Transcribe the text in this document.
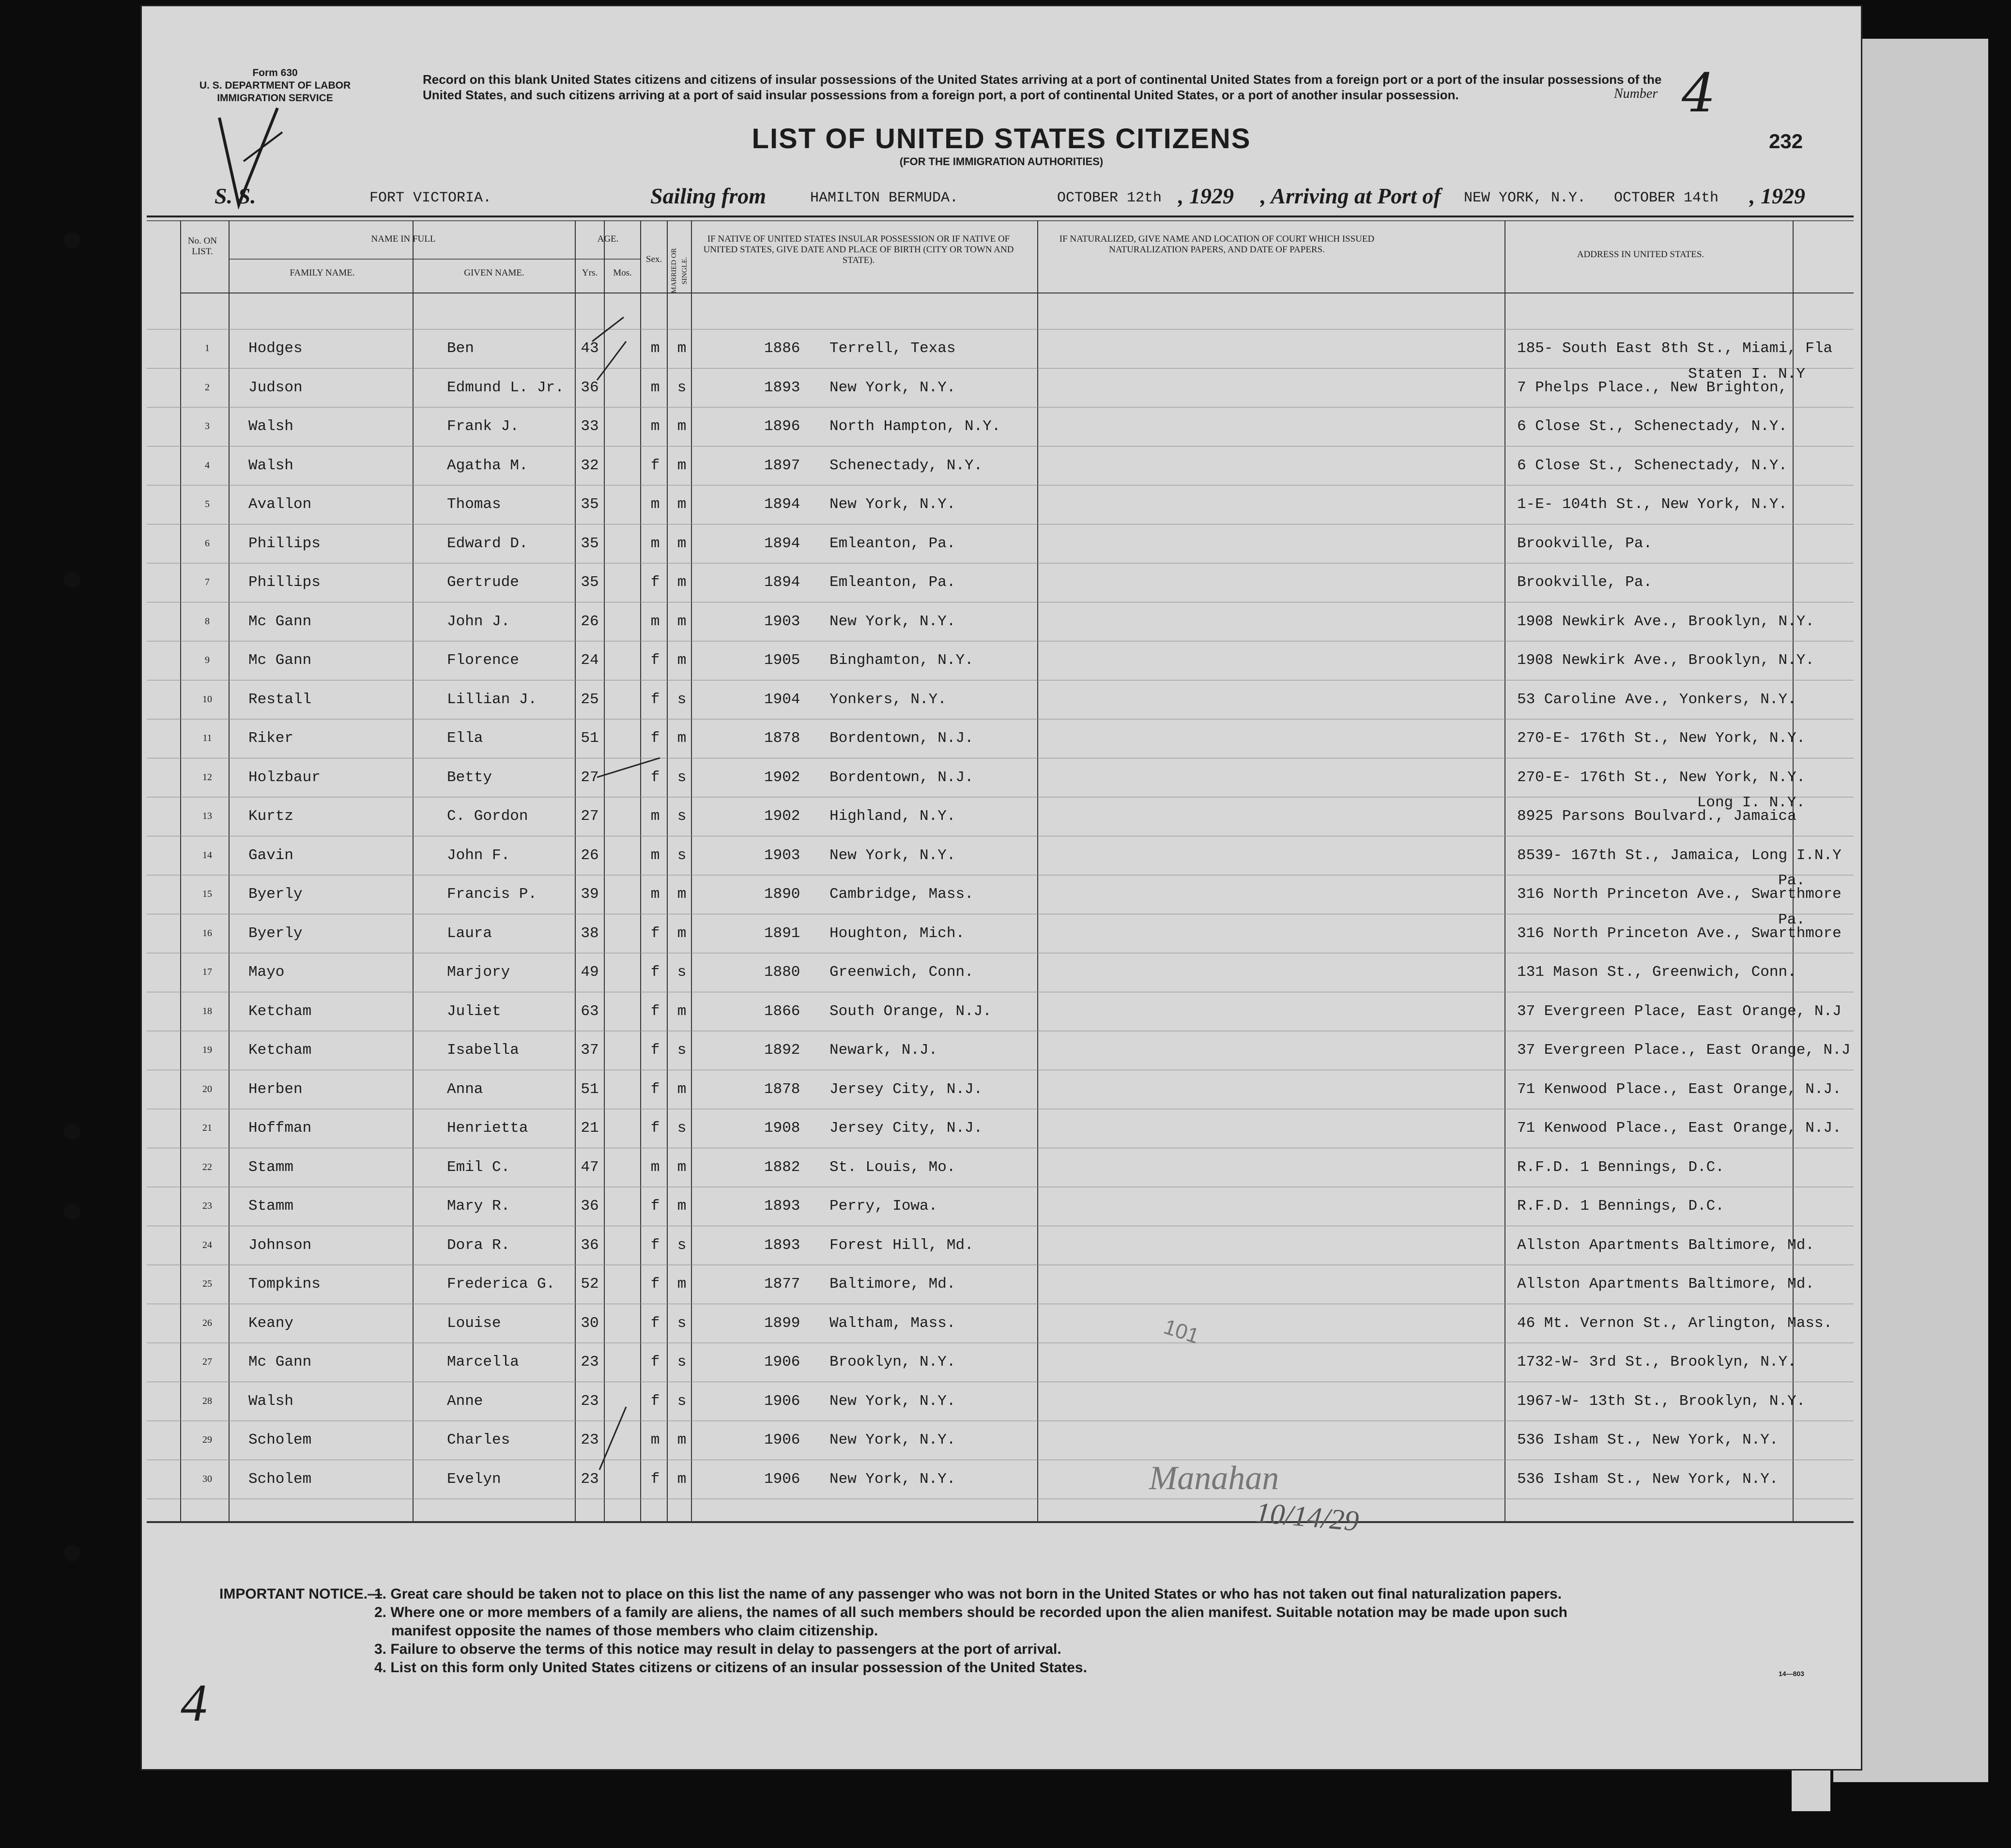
Form 630
U. S. DEPARTMENT OF LABOR
IMMIGRATION SERVICE
Record on this blank United States citizens and citizens of insular possessions of the United States arriving at a port of continental United States from a foreign port or a port of the insular possessions of the United States, and such citizens arriving at a port of said insular possessions from a foreign port, a port of continental United States, or a port of another insular possession.	Number 4
LIST OF UNITED STATES CITIZENS
(FOR THE IMMIGRATION AUTHORITIES)
232
S. S.	FORT VICTORIA.	Sailing from	HAMILTON BERMUDA.	OCTOBER 12th , 1929 , Arriving at Port of NEW YORK, N.Y. OCTOBER 14th , 1929
No. ON LIST.
NAME IN FULL
FAMILY NAME.	GIVEN NAME.
AGE.
Yrs.	Mos.
Sex.	MARRIED OR SINGLE.
IF NATIVE OF UNITED STATES INSULAR POSSESSION OR IF NATIVE OF UNITED STATES, GIVE DATE AND PLACE OF BIRTH (CITY OR TOWN AND STATE).
IF NATURALIZED, GIVE NAME AND LOCATION OF COURT WHICH ISSUED NATURALIZATION PAPERS, AND DATE OF PAPERS.	ADDRESS IN UNITED STATES.
1	Hodges	Ben	43	m	m	1886 Terrell, Texas	185- South East 8th St., Miami, Fla
2	Judson	Edmund L. Jr. 36	m	s	1893 New York, N.Y.	7 Phelps Place., New Brighton,
Staten I. N.Y
3	Walsh	Frank J.	33	m	m	1896 North Hampton, N.Y.	6 Close St., Schenectady, N.Y.
4	Walsh	Agatha M.	32	f	m	1897 Schenectady, N.Y.	6 Close St., Schenectady, N.Y.
5	Avallon	Thomas	35	m	m	1894 New York, N.Y.	1-E- 104th St., New York, N.Y.
6	Phillips	Edward D.	35	m	m	1894 Emleanton, Pa.	Brookville, Pa.
7	Phillips	Gertrude	35	f	m	1894 Emleanton, Pa.	Brookville, Pa.
8	Mc Gann	John J.	26	m	m	1903 New York, N.Y.	1908 Newkirk Ave., Brooklyn, N.Y.
9	Mc Gann	Florence	24	f	m	1905 Binghamton, N.Y.	1908 Newkirk Ave., Brooklyn, N.Y.
10	Restall	Lillian J.	25	f	s	1904 Yonkers, N.Y.	53 Caroline Ave., Yonkers, N.Y.
11	Riker	Ella	51	f	m	1878 Bordentown, N.J.	270-E- 176th St., New York, N.Y.
12	Holzbaur	Betty	27	f	s	1902 Bordentown, N.J.	270-E- 176th St., New York, N.Y.
13	Kurtz	C. Gordon	27	m	s	1902 Highland, N.Y.	8925 Parsons Boulvard., Jamaica
Long I. N.Y.
14	Gavin	John F.	26	m	s	1903 New York, N.Y.	8539- 167th St., Jamaica, Long I.N.Y
15	Byerly	Francis P.	39	m	m	1890 Cambridge, Mass.	316 North Princeton Ave., Swarthmore
Pa.
16	Byerly	Laura	38	f	m	1891 Houghton, Mich.	316 North Princeton Ave., Swarthmore
Pa.
17	Mayo	Marjory	49	f	s	1880 Greenwich, Conn.	131 Mason St., Greenwich, Conn.
18	Ketcham	Juliet	63	f	m	1866 South Orange, N.J.	37 Evergreen Place, East Orange, N.J
19	Ketcham	Isabella	37	f	s	1892 Newark, N.J.	37 Evergreen Place., East Orange, N.J
20	Herben	Anna	51	f	m	1878 Jersey City, N.J.	71 Kenwood Place., East Orange, N.J.
21	Hoffman	Henrietta	21	f	s	1908 Jersey City, N.J.	71 Kenwood Place., East Orange, N.J.
22	Stamm	Emil C.	47	m	m	1882 St. Louis, Mo.	R.F.D. 1 Bennings, D.C.
23	Stamm	Mary R.	36	f	m	1893 Perry, Iowa.	R.F.D. 1 Bennings, D.C.
24	Johnson	Dora R.	36	f	s	1893 Forest Hill, Md.	Allston Apartments Baltimore, Md.
25	Tompkins	Frederica G. 52	f	m	1877 Baltimore, Md.	Allston Apartments Baltimore, Md.
26	Keany	Louise	30	f	s	1899 Waltham, Mass.	46 Mt. Vernon St., Arlington, Mass.
27	Mc Gann	Marcella	23	f	s	1906 Brooklyn, N.Y.	1732-W- 3rd St., Brooklyn, N.Y.
28	Walsh	Anne	23	f	s	1906 New York, N.Y.	1967-W- 13th St., Brooklyn, N.Y.
29	Scholem	Charles	23	m	m	1906 New York, N.Y.	536 Isham St., New York, N.Y.
30	Scholem	Evelyn	23	f	m	1906 New York, N.Y.	536 Isham St., New York, N.Y.
101
Manahan
10/14/29
IMPORTANT NOTICE.—
1. Great care should be taken not to place on this list the name of any passenger who was not born in the United States or who has not taken out final naturalization papers.
2. Where one or more members of a family are aliens, the names of all such members should be recorded upon the alien manifest. Suitable notation may be made upon such
manifest opposite the names of those members who claim citizenship.
3. Failure to observe the terms of this notice may result in delay to passengers at the port of arrival.
4. List on this form only United States citizens or citizens of an insular possession of the United States.	14—803
4
